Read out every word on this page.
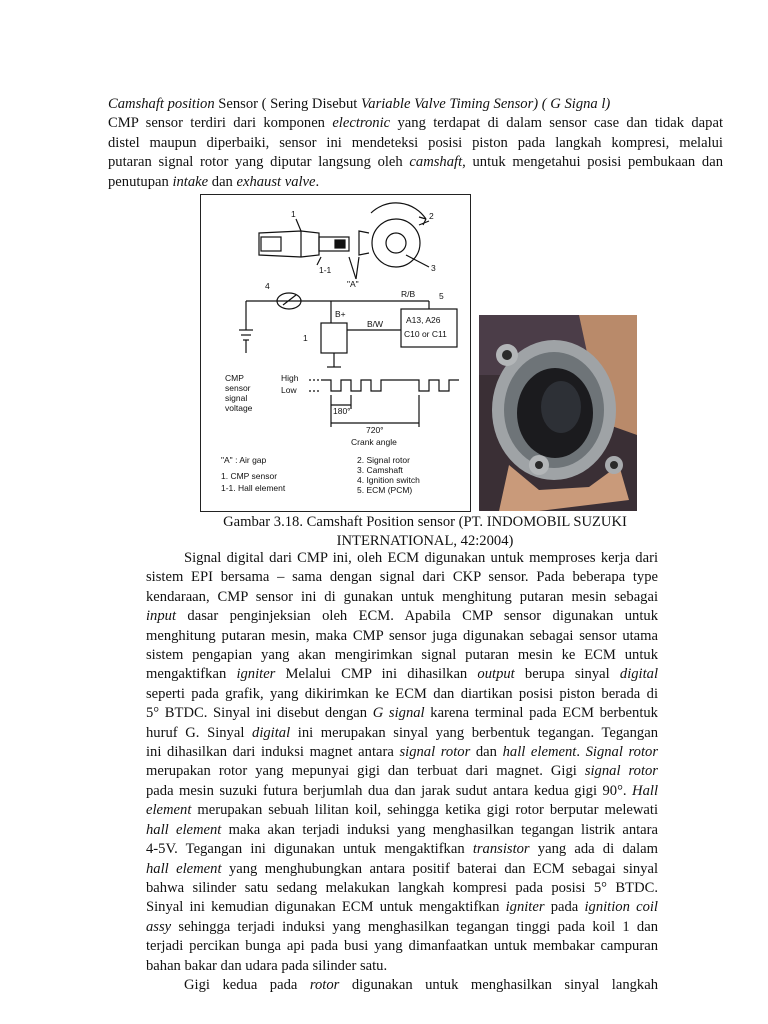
Camshaft position Sensor ( Sering Disebut Variable Valve Timing Sensor) ( G Signa l)

CMP sensor terdiri dari komponen electronic yang terdapat di dalam sensor case dan tidak dapat

distel maupun diperbaiki, sensor ini mendeteksi posisi piston pada langkah kompresi, melalui

putaran signal rotor yang diputar langsung oleh camshaft, untuk mengetahui posisi pembukaan dan

penutupan intake dan exhaust valve.

1	2
3
1-1
"A"
4
5
R/B
B+
B/W
1
A13, A26
C10 or C11
CMP
sensor
signal
voltage
High
Low
180°
720°
Crank angle
"A" : Air gap
1. CMP sensor
1-1. Hall element
2. Signal rotor
3. Camshaft
4. Ignition switch
5. ECM (PCM)
Gambar 3.18. Camshaft Position sensor (PT. INDOMOBIL SUZUKI
INTERNATIONAL, 42:2004)

Signal digital dari CMP ini, oleh ECM digunakan untuk memproses kerja dari

sistem EPI bersama – sama dengan signal dari CKP sensor. Pada beberapa type

kendaraan, CMP sensor ini di gunakan untuk menghitung putaran mesin sebagai

input dasar penginjeksian oleh ECM. Apabila CMP sensor digunakan untuk

menghitung putaran mesin, maka CMP sensor juga digunakan sebagai sensor utama

sistem pengapian yang akan mengirimkan signal putaran mesin ke ECM untuk

mengaktifkan igniter Melalui CMP ini dihasilkan output berupa sinyal digital

seperti pada grafik, yang dikirimkan ke ECM dan diartikan posisi piston berada di

5° BTDC. Sinyal ini disebut dengan G signal karena terminal pada ECM berbentuk

huruf G. Sinyal digital ini merupakan sinyal yang berbentuk tegangan. Tegangan

ini dihasilkan dari induksi magnet antara signal rotor dan hall element. Signal rotor

merupakan rotor yang mepunyai gigi dan terbuat dari magnet. Gigi signal rotor

pada mesin suzuki futura berjumlah dua dan jarak sudut antara kedua gigi 90°. Hall

element merupakan sebuah lilitan koil, sehingga ketika gigi rotor berputar melewati

hall element maka akan terjadi induksi yang menghasilkan tegangan listrik antara

4-5V. Tegangan ini digunakan untuk mengaktifkan transistor yang ada di dalam

hall element yang menghubungkan antara positif baterai dan ECM sebagai sinyal

bahwa silinder satu sedang melakukan langkah kompresi pada posisi 5° BTDC.

Sinyal ini kemudian digunakan ECM untuk mengaktifkan igniter pada ignition coil

assy sehingga terjadi induksi yang menghasilkan tegangan tinggi pada koil 1 dan

terjadi percikan bunga api pada busi yang dimanfaatkan untuk membakar campuran

bahan bakar dan udara pada silinder satu.

Gigi kedua pada rotor digunakan untuk menghasilkan sinyal langkah
